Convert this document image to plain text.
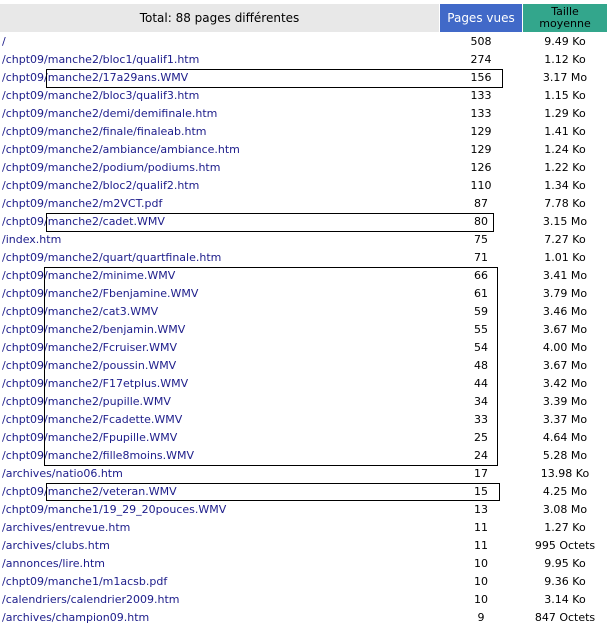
Total: 88 pages différentes	Pages vues	Taille
moyenne
/	508	9.49 Ko
/chpt09/manche2/bloc1/qualif1.htm	274	1.12 Ko
/chpt09/manche2/17a29ans.WMV	156	3.17 Mo
/chpt09/manche2/bloc3/qualif3.htm	133	1.15 Ko
/chpt09/manche2/demi/demifinale.htm	133	1.29 Ko
/chpt09/manche2/finale/finaleab.htm	129	1.41 Ko
/chpt09/manche2/ambiance/ambiance.htm	129	1.24 Ko
/chpt09/manche2/podium/podiums.htm	126	1.22 Ko
/chpt09/manche2/bloc2/qualif2.htm	110	1.34 Ko
/chpt09/manche2/m2VCT.pdf	87	7.78 Ko
/chpt09/manche2/cadet.WMV	80	3.15 Mo
/index.htm	75	7.27 Ko
/chpt09/manche2/quart/quartfinale.htm	71	1.01 Ko
/chpt09/manche2/minime.WMV	66	3.41 Mo
/chpt09/manche2/Fbenjamine.WMV	61	3.79 Mo
/chpt09/manche2/cat3.WMV	59	3.46 Mo
/chpt09/manche2/benjamin.WMV	55	3.67 Mo
/chpt09/manche2/Fcruiser.WMV	54	4.00 Mo
/chpt09/manche2/poussin.WMV	48	3.67 Mo
/chpt09/manche2/F17etplus.WMV	44	3.42 Mo
/chpt09/manche2/pupille.WMV	34	3.39 Mo
/chpt09/manche2/Fcadette.WMV	33	3.37 Mo
/chpt09/manche2/Fpupille.WMV	25	4.64 Mo
/chpt09/manche2/fille8moins.WMV	24	5.28 Mo
/archives/natio06.htm	17	13.98 Ko
/chpt09/manche2/veteran.WMV	15	4.25 Mo
/chpt09/manche1/19_29_20pouces.WMV	13	3.08 Mo
/archives/entrevue.htm	11	1.27 Ko
/archives/clubs.htm	11	995 Octets
/annonces/lire.htm	10	9.95 Ko
/chpt09/manche1/m1acsb.pdf	10	9.36 Ko
/calendriers/calendrier2009.htm	10	3.14 Ko
/archives/champion09.htm	9	847 Octets
